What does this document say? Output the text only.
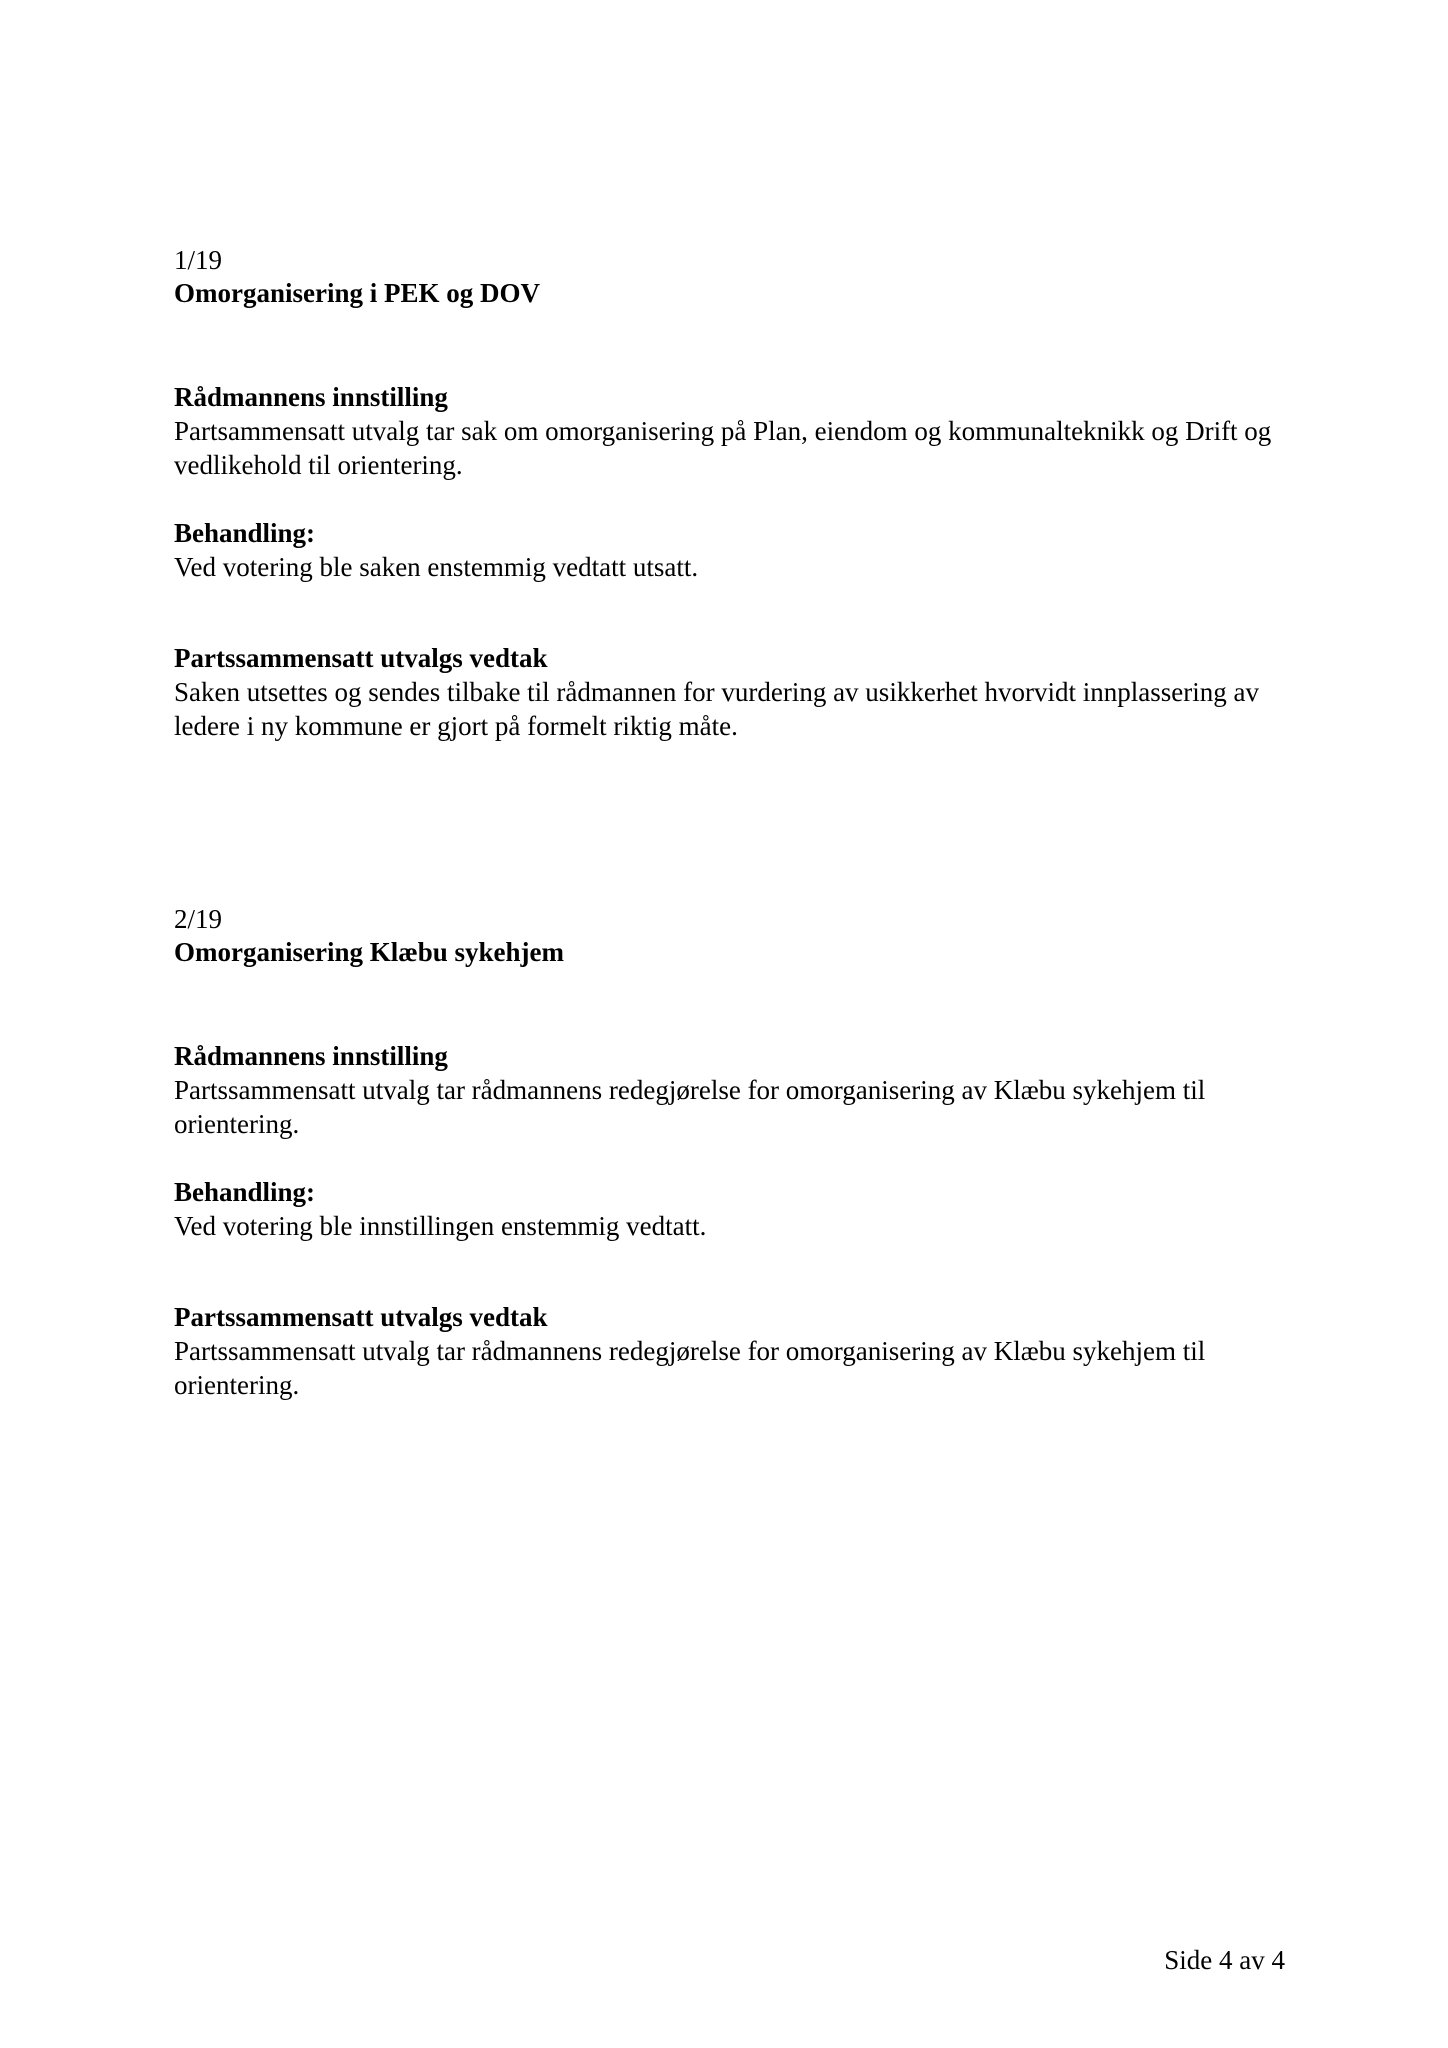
1/19

Omorganisering i PEK og DOV

Rådmannens innstilling

Partsammensatt utvalg tar sak om omorganisering på Plan, eiendom og kommunalteknikk og Drift og vedlikehold til orientering.

Behandling:

Ved votering ble saken enstemmig vedtatt utsatt.

Partssammensatt utvalgs vedtak

Saken utsettes og sendes tilbake til rådmannen for vurdering av usikkerhet hvorvidt innplassering av ledere i ny kommune er gjort på formelt riktig måte.

2/19

Omorganisering Klæbu sykehjem

Rådmannens innstilling

Partssammensatt utvalg tar rådmannens redegjørelse for omorganisering av Klæbu sykehjem til orientering.

Behandling:

Ved votering ble innstillingen enstemmig vedtatt.

Partssammensatt utvalgs vedtak

Partssammensatt utvalg tar rådmannens redegjørelse for omorganisering av Klæbu sykehjem til orientering.

Side 4 av 4
